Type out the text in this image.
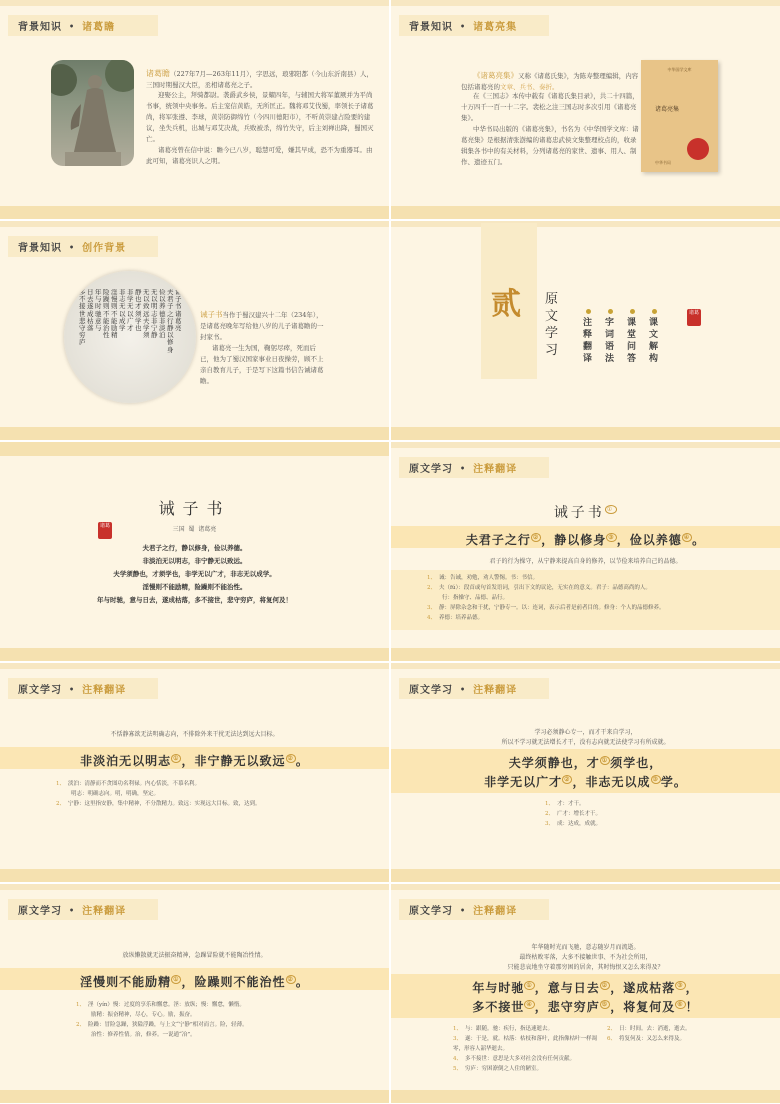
背景知识 • 诸葛瞻
诸葛瞻（227年7月—263年11月），字思远，琅邪阳都（今山东沂南县）人，三国时期蜀汉大臣，丞相诸葛亮之子。
迎娶公主，拜骑都尉。袭爵武乡侯，景耀四年，与辅国大将军董厥并为平尚书事，统领中央事务。后主宠信黄皓，无所匡正。魏将邓艾伐蜀，率领长子诸葛尚，将军张遵、李球，黄崇防御绵竹（今四川德阳市），不听黄崇建占险要的建议，坐失兵机，出城与邓艾决战，兵败被杀，绵竹失守，后主刘禅出降，蜀国灭亡。
诸葛亮曾在信中说：瞻今已八岁，聪慧可爱，嫌其早成，恐不为重器耳。由此可知，诸葛亮识人之明。
背景知识 • 诸葛亮集
《诸葛亮集》又称《诸葛氏集》，为陈寿整理编辑，内容包括诸葛亮的文章、兵书、奏折。
在《三国志》本传中载有《诸葛氏集目录》，共二十四篇，十万四千一百一十二字。裴松之注三国志时多次引用《诸葛亮集》。
中华书局出版的《诸葛亮集》，书名为《中华国学文库：诸葛亮集》是根据清张澍编的诸葛忠武侯文集整理校点的，收录辑集各书中的有关材料，分列诸葛亮的家世、遗事、用人、制作、遗迹五门。
中华国学文库
诸葛亮集
中华书局
背景知识 • 创作背景
诫子书 诸葛亮
夫君子之行 静以修身
俭以养德 非淡泊
无以明志 非宁静
无以致远 夫学须
静也 才须学也
非学无以广才
非志无以成学
淫慢则不能励精
险躁则不能治性
年与时驰 意与
日去 遂成枯落
多不接世 悲守穷庐
诫子书当作于蜀汉建兴十二年（234年），是诸葛亮晚年写给他八岁的儿子诸葛瞻的一封家书。
诸葛亮一生为国，鞠躬尽瘁，死而后已，他为了蜀汉国家事业日夜操劳，顾不上亲自教育儿子，于是写下这篇书信告诫诸葛瞻。
贰 原文学习
注释翻译
字词语法
课堂问答
课文解构
诸葛
诫子书
三国  蜀  诸葛亮
诸葛
夫君子之行，静以修身，俭以养德。
非淡泊无以明志，非宁静无以致远。
夫学须静也，才须学也，非学无以广才，非志无以成学。
淫慢则不能励精，险躁则不能治性。
年与时驰，意与日去，遂成枯落，多不接世，悲守穷庐，将复何及！
原文学习 • 注释翻译
诫子书 ①
夫君子之行 ② ，静以修身 ③ ，俭以养德 ④ 。
君子的行为操守，从宁静来提高自身的修养，以节俭来培养自己的品德。
1、 诫：告诫，劝勉，劝人警惕。书：书信。
2、 夫（fú）：段首或句首发语词，引出下文的议论，无实在的意义。君子：品德高尚的人。
行：指操守、品德、品行。
3、 静：屏除杂念和干扰，宁静专一。以：连词，表示后者是前者目的。修身：个人的品德修养。
4、 养德：培养品德。
原文学习 • 注释翻译
不恬静寡欲无法明确志向，不排除外来干扰无法达到远大目标。
非淡泊无以明志 ① ，非宁静无以致远 ② 。
1、 淡泊：清静而不贪图功名利禄。内心恬淡，不慕名利。
明志：明确志向。明，明确，坚定。
2、 宁静：这里指安静，集中精神，不分散精力。致远：实现远大目标。致，达到。
原文学习 • 注释翻译
学习必须静心专一，而才干来自学习，
所以不学习就无法增长才干，没有志向就无法使学习有所成就。
夫学须静也，才 ① 须学也，
非学无以广才 ② ，非志无以成 ③ 学。
1、 才：才干。
2、 广才：增长才干。
3、 成：达成，成就。
原文学习 • 注释翻译
放纵懒散就无法振奋精神，急躁冒险就不能陶冶性情。
淫慢则不能励精 ① ，险躁则不能治性 ② 。
1、 淫（yín）慢：过度的享乐和懈怠。淫：放纵；慢：懈怠，懒惰。
励精：振奋精神，尽心，专心。励，振奋。
2、 险躁：冒险急躁，狭隘浮躁，与上文“宁静”相对而言。险，轻薄。
治性：修养性情。治，修养。一说通“冶”。
原文学习 • 注释翻译
年华随时光而飞驰，意志随岁月而流逝。
最终枯败零落，大多不接触世事、不为社会所用，
只能悲哀地坐守着那穷困的居舍，其时悔恨又怎么来得及？
年与时驰 ① ，意与日去 ② ，遂成枯落 ③ ，
多不接世 ④ ，悲守穷庐 ⑤ ，将复何及 ⑥ ！
1、 与：跟随。驰：疾行，指迅速逝去。
3、 遂：于是，就。枯落：枯枝和落叶，此指像枯叶一样凋零，形容人韶华逝去。
4、 多不接世：意思是大多对社会没有任何贡献。
5、 穷庐：穷困潦倒之人住的陋室。
2、 日：时间。去：消逝，逝去。
6、 将复何及：又怎么来得及。
